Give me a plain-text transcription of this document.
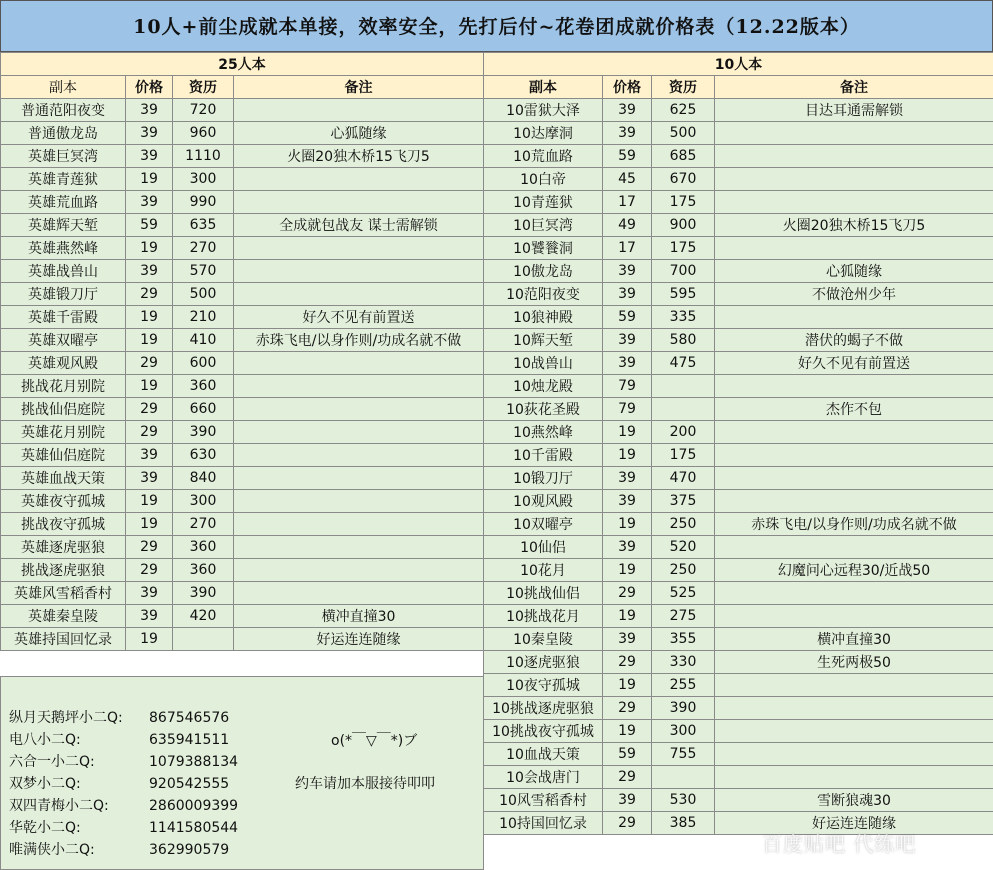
10人+前尘成就本单接，效率安全，先打后付~花卷团成就价格表（12.22版本）
25人本			
副本	价格	资历	备注
普通范阳夜变	39	720	
普通傲龙岛	39	960	心狐随缘
英雄巨冥湾	39	1110	火圈20独木桥15飞刀5
英雄青莲狱	19	300	
英雄荒血路	39	990	
英雄辉天堑	59	635	全成就包战友 谋士需解锁
英雄燕然峰	19	270	
英雄战兽山	39	570	
英雄锻刀厅	29	500	
英雄千雷殿	19	210	好久不见有前置送
英雄双曜亭	19	410	赤珠飞电/以身作则/功成名就不做
英雄观风殿	29	600	
挑战花月别院	19	360	
挑战仙侣庭院	29	660	
英雄花月别院	29	390	
英雄仙侣庭院	39	630	
英雄血战天策	39	840	
英雄夜守孤城	19	300	
挑战夜守孤城	19	270	
英雄逐虎驱狼	29	360	
挑战逐虎驱狼	29	360	
英雄风雪稻香村	39	390	
英雄秦皇陵	39	420	横冲直撞30
英雄持国回忆录	19		好运连连随缘
10人本			
副本	价格	资历	备注
10雷狱大泽	39	625	目达耳通需解锁
10达摩洞	39	500	
10荒血路	59	685	
10白帝	45	670	
10青莲狱	17	175	
10巨冥湾	49	900	火圈20独木桥15飞刀5
10饕餮洞	17	175	
10傲龙岛	39	700	心狐随缘
10范阳夜变	39	595	不做沧州少年
10狼神殿	59	335	
10辉天堑	39	580	潜伏的蝎子不做
10战兽山	39	475	好久不见有前置送
10烛龙殿	79		
10荻花圣殿	79		杰作不包
10燕然峰	19	200	
10千雷殿	19	175	
10锻刀厅	39	470	
10观风殿	39	375	
10双曜亭	19	250	赤珠飞电/以身作则/功成名就不做
10仙侣	39	520	
10花月	19	250	幻魔问心远程30/近战50
10挑战仙侣	29	525	
10挑战花月	19	275	
10秦皇陵	39	355	横冲直撞30
10逐虎驱狼	29	330	生死两极50
10夜守孤城	19	255	
10挑战逐虎驱狼	29	390	
10挑战夜守孤城	19	300	
10血战天策	59	755	
10会战唐门	29		
10风雪稻香村	39	530	雪断狼魂30
10持国回忆录	29	385	好运连连随缘
纵月天鹅坪小二Q: 867546576
电八小二Q:	635941511
六合一小二Q:	1079388134
双梦小二Q:	920542555
双四青梅小二Q:	2860009399
华乾小二Q:	1141580544
唯满侠小二Q:	362990579
o(*￣▽￣*)ブ
约车请加本服接待叩叩
百度贴吧 代练吧
